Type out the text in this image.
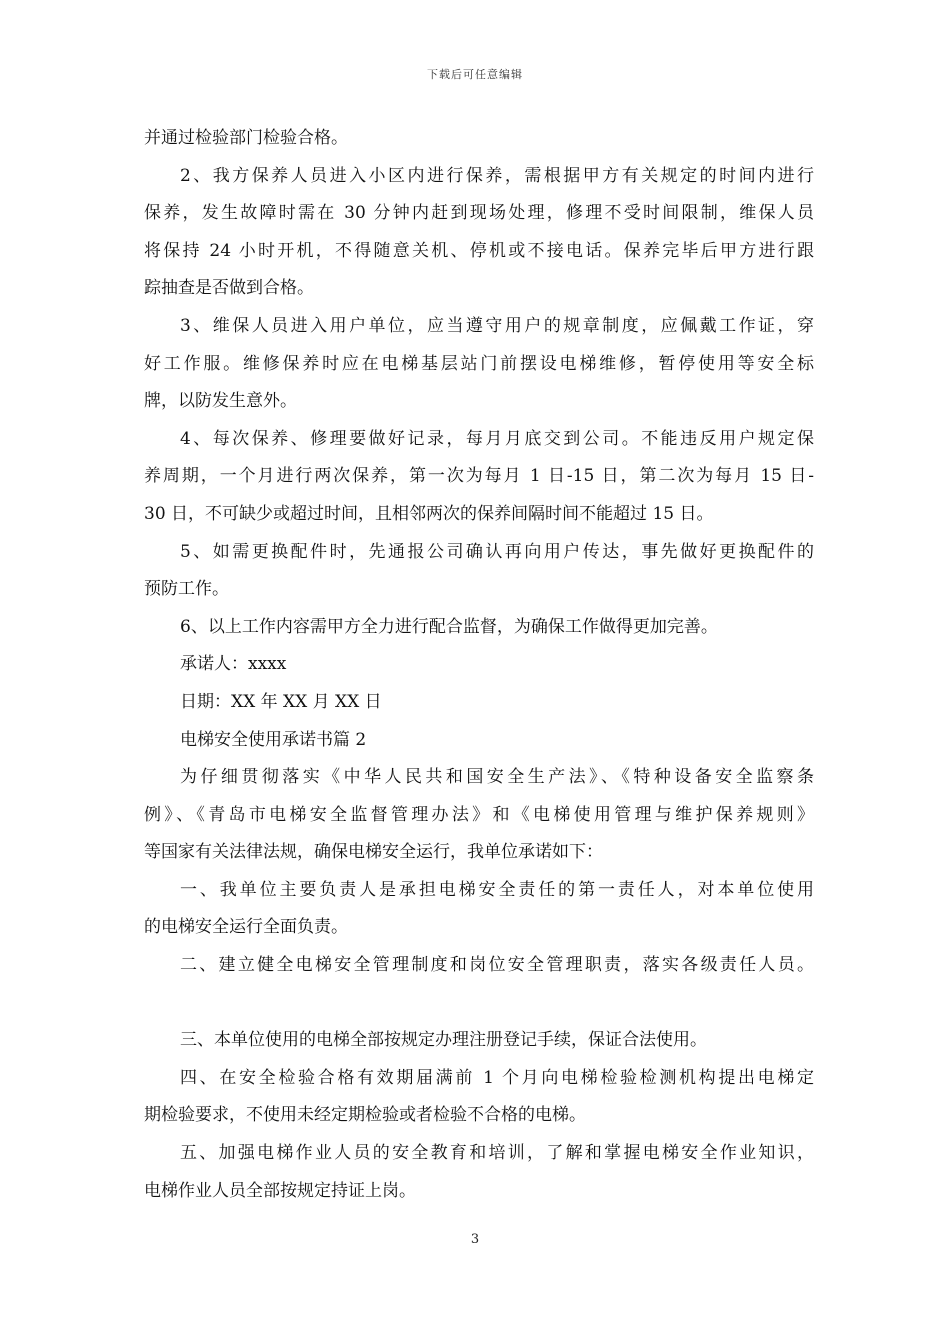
下载后可任意编辑
并通过检验部门检验合格。
2、我方保养人员进入小区内进行保养，需根据甲方有关规定的时间内进行
保养，发生故障时需在 30 分钟内赶到现场处理，修理不受时间限制，维保人员
将保持 24 小时开机，不得随意关机、停机或不接电话。保养完毕后甲方进行跟
踪抽查是否做到合格。
3、维保人员进入用户单位，应当遵守用户的规章制度，应佩戴工作证，穿
好工作服。维修保养时应在电梯基层站门前摆设电梯维修，暂停使用等安全标
牌，以防发生意外。
4、每次保养、修理要做好记录，每月月底交到公司。不能违反用户规定保
养周期，一个月进行两次保养，第一次为每月 1 日-15 日，第二次为每月 15 日-
30 日，不可缺少或超过时间，且相邻两次的保养间隔时间不能超过 15 日。
5、如需更换配件时，先通报公司确认再向用户传达，事先做好更换配件的
预防工作。
6、以上工作内容需甲方全力进行配合监督，为确保工作做得更加完善。
承诺人：xxxx
日期：XX 年 XX 月 XX 日
电梯安全使用承诺书篇 2
为仔细贯彻落实《中华人民共和国安全生产法》、《特种设备安全监察条
例》、《青岛市电梯安全监督管理办法》和《电梯使用管理与维护保养规则》
等国家有关法律法规，确保电梯安全运行，我单位承诺如下：
一、我单位主要负责人是承担电梯安全责任的第一责任人，对本单位使用
的电梯安全运行全面负责。
二、建立健全电梯安全管理制度和岗位安全管理职责，落实各级责任人员。
三、本单位使用的电梯全部按规定办理注册登记手续，保证合法使用。
四、在安全检验合格有效期届满前 1 个月向电梯检验检测机构提出电梯定
期检验要求，不使用未经定期检验或者检验不合格的电梯。
五、加强电梯作业人员的安全教育和培训，了解和掌握电梯安全作业知识，
电梯作业人员全部按规定持证上岗。
3
